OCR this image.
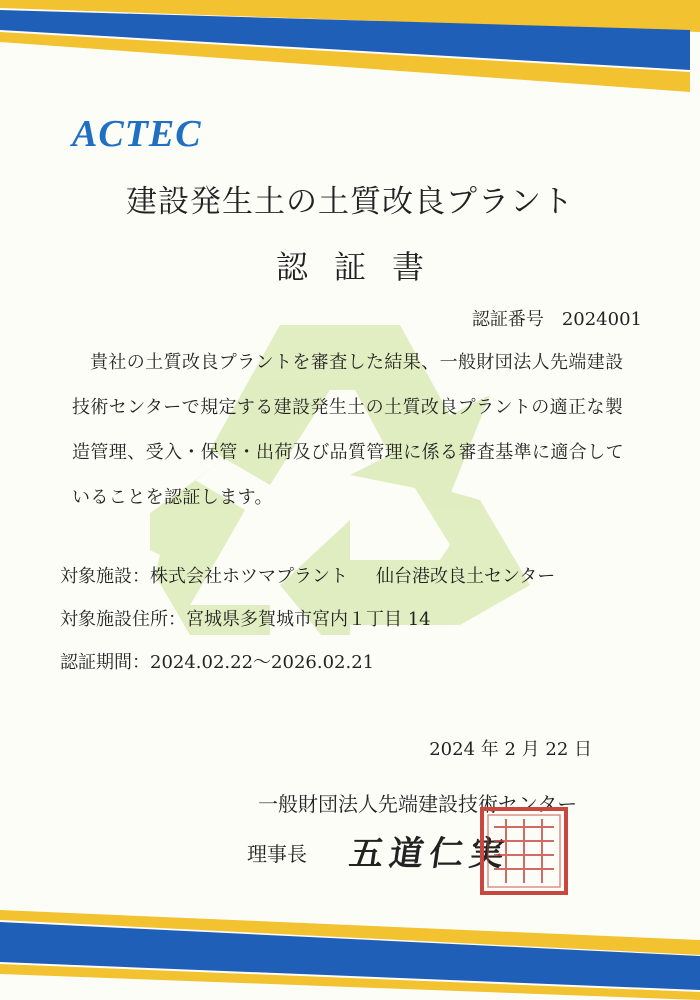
ACTEC
建設発生土の土質改良プラント
認証書
認証番号 2024001
貴社の土質改良プラントを審査した結果、一般財団法人先端建設技術センターで規定する建設発生土の土質改良プラントの適正な製造管理、受入・保管・出荷及び品質管理に係る審査基準に適合していることを認証します。
対象施設：株式会社ホツマプラント 仙台港改良土センター
対象施設住所：宮城県多賀城市宮内１丁目 14
認証期間：2024.02.22～2026.02.21
2024 年 2 月 22 日
一般財団法人先端建設技術センター
理事長 五道仁実
